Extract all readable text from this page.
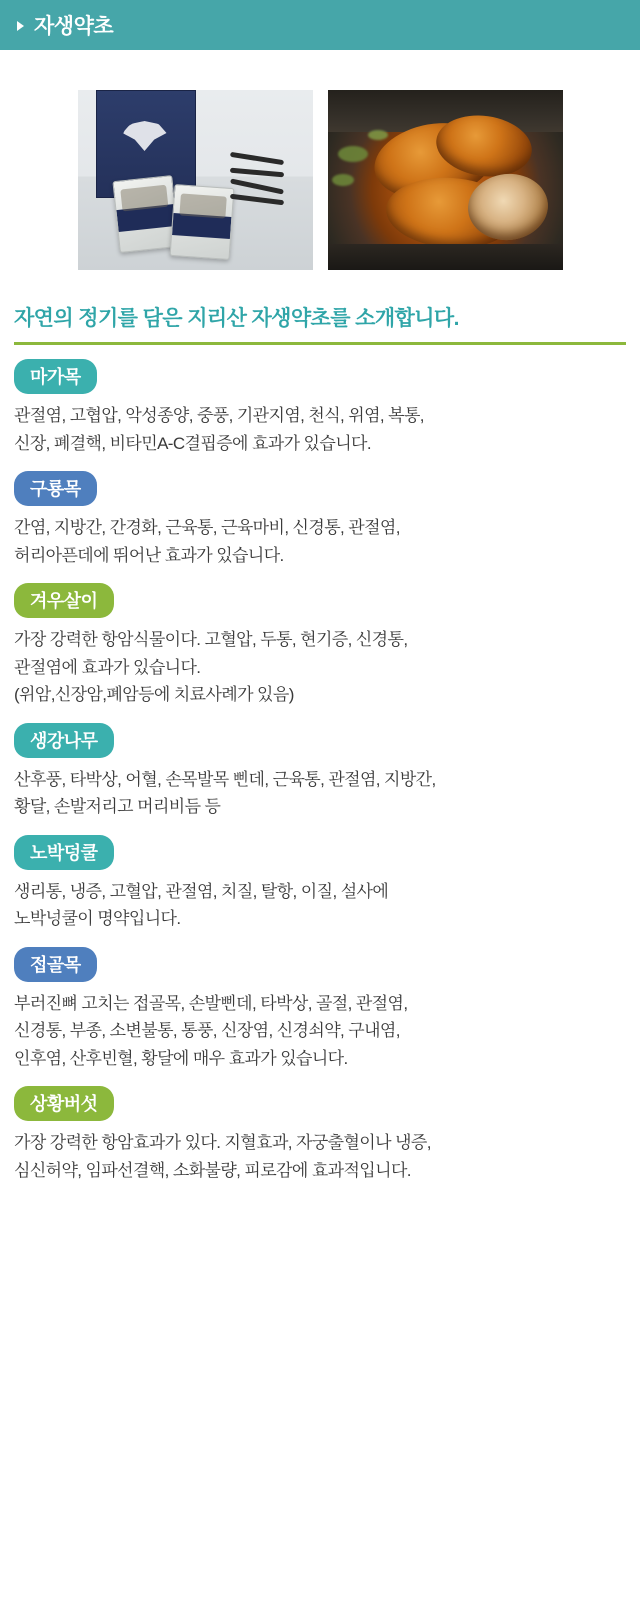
자생약초
자연의 정기를 담은 지리산 자생약초를 소개합니다.
마가목
관절염, 고협압, 악성종양, 중풍, 기관지염, 천식, 위염, 복통,
신장, 폐결핵, 비타민A-C결핍증에 효과가 있습니다.
구룡목
간염, 지방간, 간경화, 근육통, 근육마비, 신경통, 관절염,
허리아픈데에 뛰어난 효과가 있습니다.
겨우살이
가장 강력한 항암식물이다. 고혈압, 두통, 현기증, 신경통,
관절염에 효과가 있습니다.
(위암,신장암,폐암등에 치료사례가 있음)
생강나무
산후풍, 타박상, 어혈, 손목발목 삔데, 근육통, 관절염, 지방간,
황달, 손발저리고 머리비듬 등
노박덩쿨
생리통, 냉증, 고혈압, 관절염, 치질, 탈항, 이질, 설사에
노박넝쿨이 명약입니다.
접골목
부러진뼈 고치는 접골목, 손발삔데, 타박상, 골절, 관절염,
신경통, 부종, 소변불통, 통풍, 신장염, 신경쇠약, 구내염,
인후염, 산후빈혈, 황달에 매우 효과가 있습니다.
상황버섯
가장 강력한 항암효과가 있다. 지혈효과, 자궁출혈이나 냉증,
심신허약, 임파선결핵, 소화불량, 피로감에 효과적입니다.
